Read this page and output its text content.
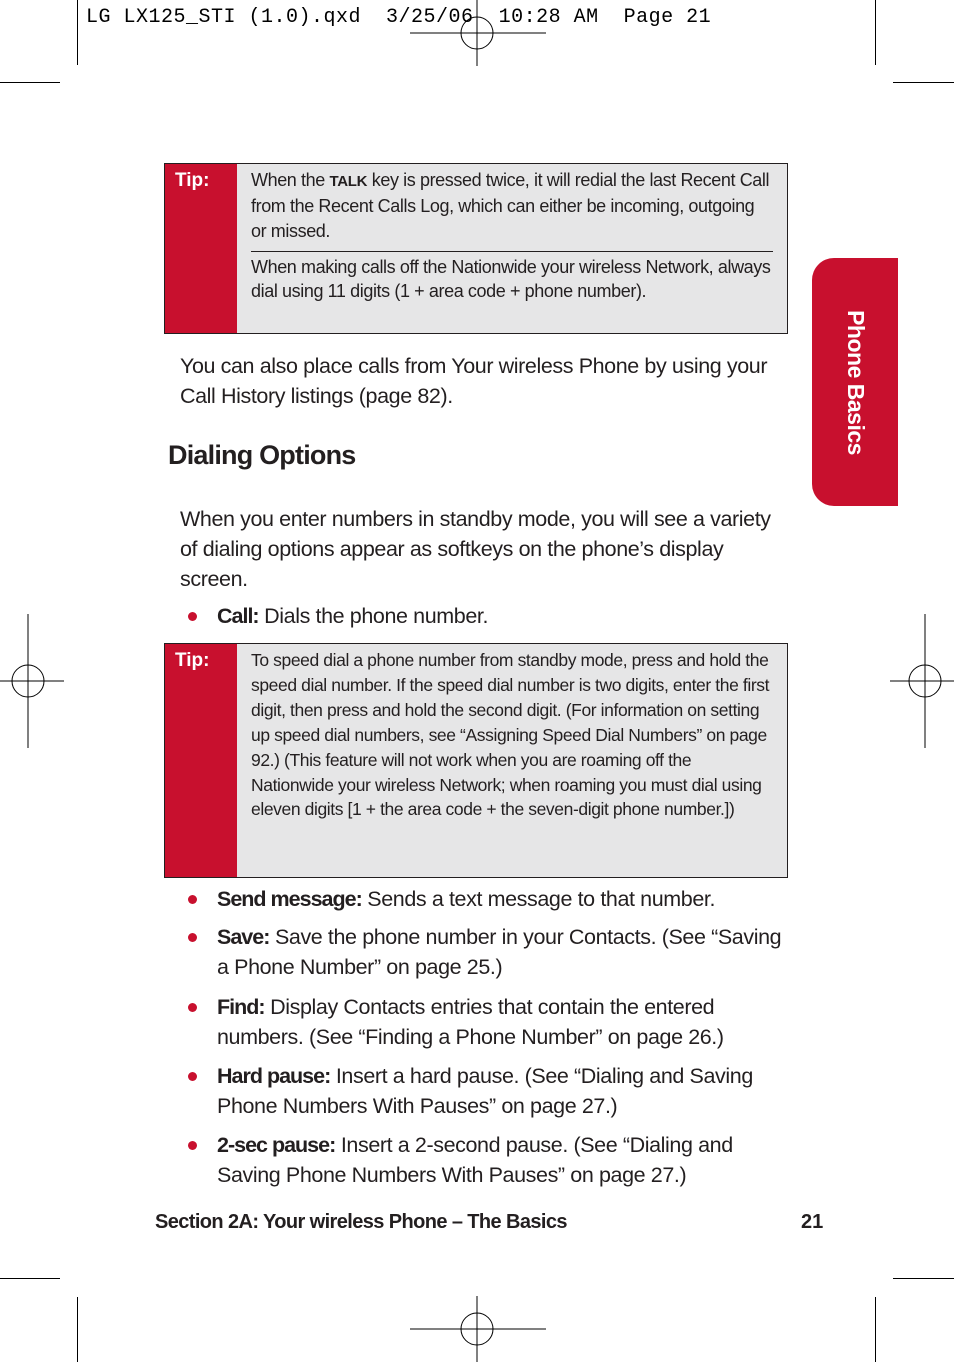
LG LX125_STI (1.0).qxd  3/25/06  10:28 AM  Page 21
Phone Basics
Tip:	When the TALK key is pressed twice, it will redial the last Recent Call from the Recent Calls Log, which can either be incoming, outgoing or missed.
When making calls off the Nationwide your wireless Network, always dial using 11 digits (1 + area code + phone number).
You can also place calls from Your wireless Phone by using your Call History listings (page 82).
Dialing Options
When you enter numbers in standby mode, you will see a variety of dialing options appear as softkeys on the phone’s display screen.
Call: Dials the phone number.
Tip:	To speed dial a phone number from standby mode, press and hold the speed dial number. If the speed dial number is two digits, enter the first digit, then press and hold the second digit. (For information on setting up speed dial numbers, see “Assigning Speed Dial Numbers” on page 92.) (This feature will not work when you are roaming off the Nationwide your wireless Network; when roaming you must dial using eleven digits [1 + the area code + the seven-digit phone number.])
Send message: Sends a text message to that number.
Save: Save the phone number in your Contacts. (See “Saving a Phone Number” on page 25.)
Find: Display Contacts entries that contain the entered numbers. (See “Finding a Phone Number” on page 26.)
Hard pause: Insert a hard pause. (See “Dialing and Saving Phone Numbers With Pauses” on page 27.)
2-sec pause: Insert a 2-second pause. (See “Dialing and Saving Phone Numbers With Pauses” on page 27.)
Section 2A: Your wireless Phone – The Basics	21
